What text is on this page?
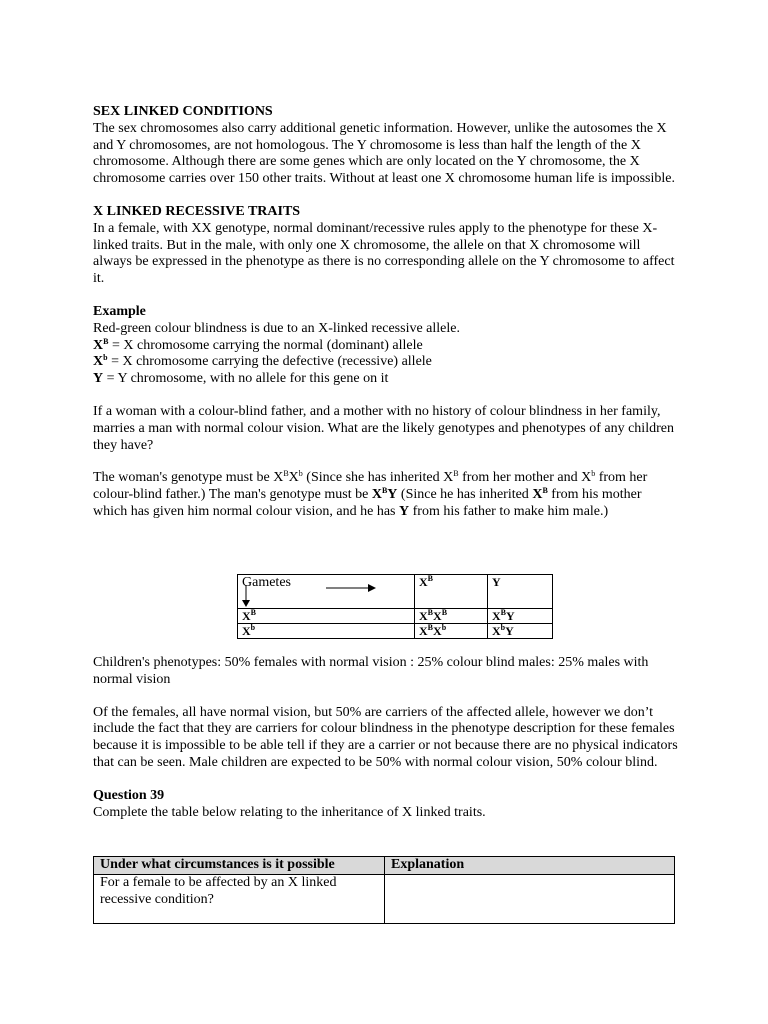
SEX LINKED CONDITIONS

The sex chromosomes also carry additional genetic information. However, unlike the autosomes the X and Y chromosomes, are not homologous. The Y chromosome is less than half the length of the X chromosome. Although there are some genes which are only located on the Y chromosome, the X chromosome carries over 150 other traits. Without at least one X chromosome human life is impossible.

X LINKED RECESSIVE TRAITS

In a female, with XX genotype, normal dominant/recessive rules apply to the phenotype for these X-linked traits. But in the male, with only one X chromosome, the allele on that X chromosome will always be expressed in the phenotype as there is no corresponding allele on the Y chromosome to affect it.

Example

Red-green colour blindness is due to an X-linked recessive allele.

$X^B = X$ chromosome carrying the normal (dominant) allele

$X^b = X$ chromosome carrying the defective (recessive) allele

Y = Y chromosome, with no allele for this gene on it

If a woman with a colour-blind father, and a mother with no history of colour blindness in her family, marries a man with normal colour vision. What are the likely genotypes and phenotypes of any children they have?

The woman's genotype must be $X^BX^b$ (Since she has inherited $X^B$ from her mother and $X^b$ from her colour-blind father.) The man's genotype must be $X^BY$ (Since he has inherited $X^B$ from his mother which has given him normal colour vision, and he has Y from his father to make him male.)

Gametes	$X^B$	Y
$X^B$	$X^BX^B$	$X^BY$
$X^b$	$X^BX^b$	$X^bY$

Children's phenotypes: 50% females with normal vision : 25% colour blind males: 25% males with normal vision

Of the females, all have normal vision, but 50% are carriers of the affected allele, however we don’t include the fact that they are carriers for colour blindness in the phenotype description for these females because it is impossible to be able tell if they are a carrier or not because there are no physical indicators that can be seen. Male children are expected to be 50% with normal colour vision, 50% colour blind.

Question 39

Complete the table below relating to the inheritance of X linked traits.

Under what circumstances is it possible	Explanation
For a female to be affected by an X linked recessive condition?	
